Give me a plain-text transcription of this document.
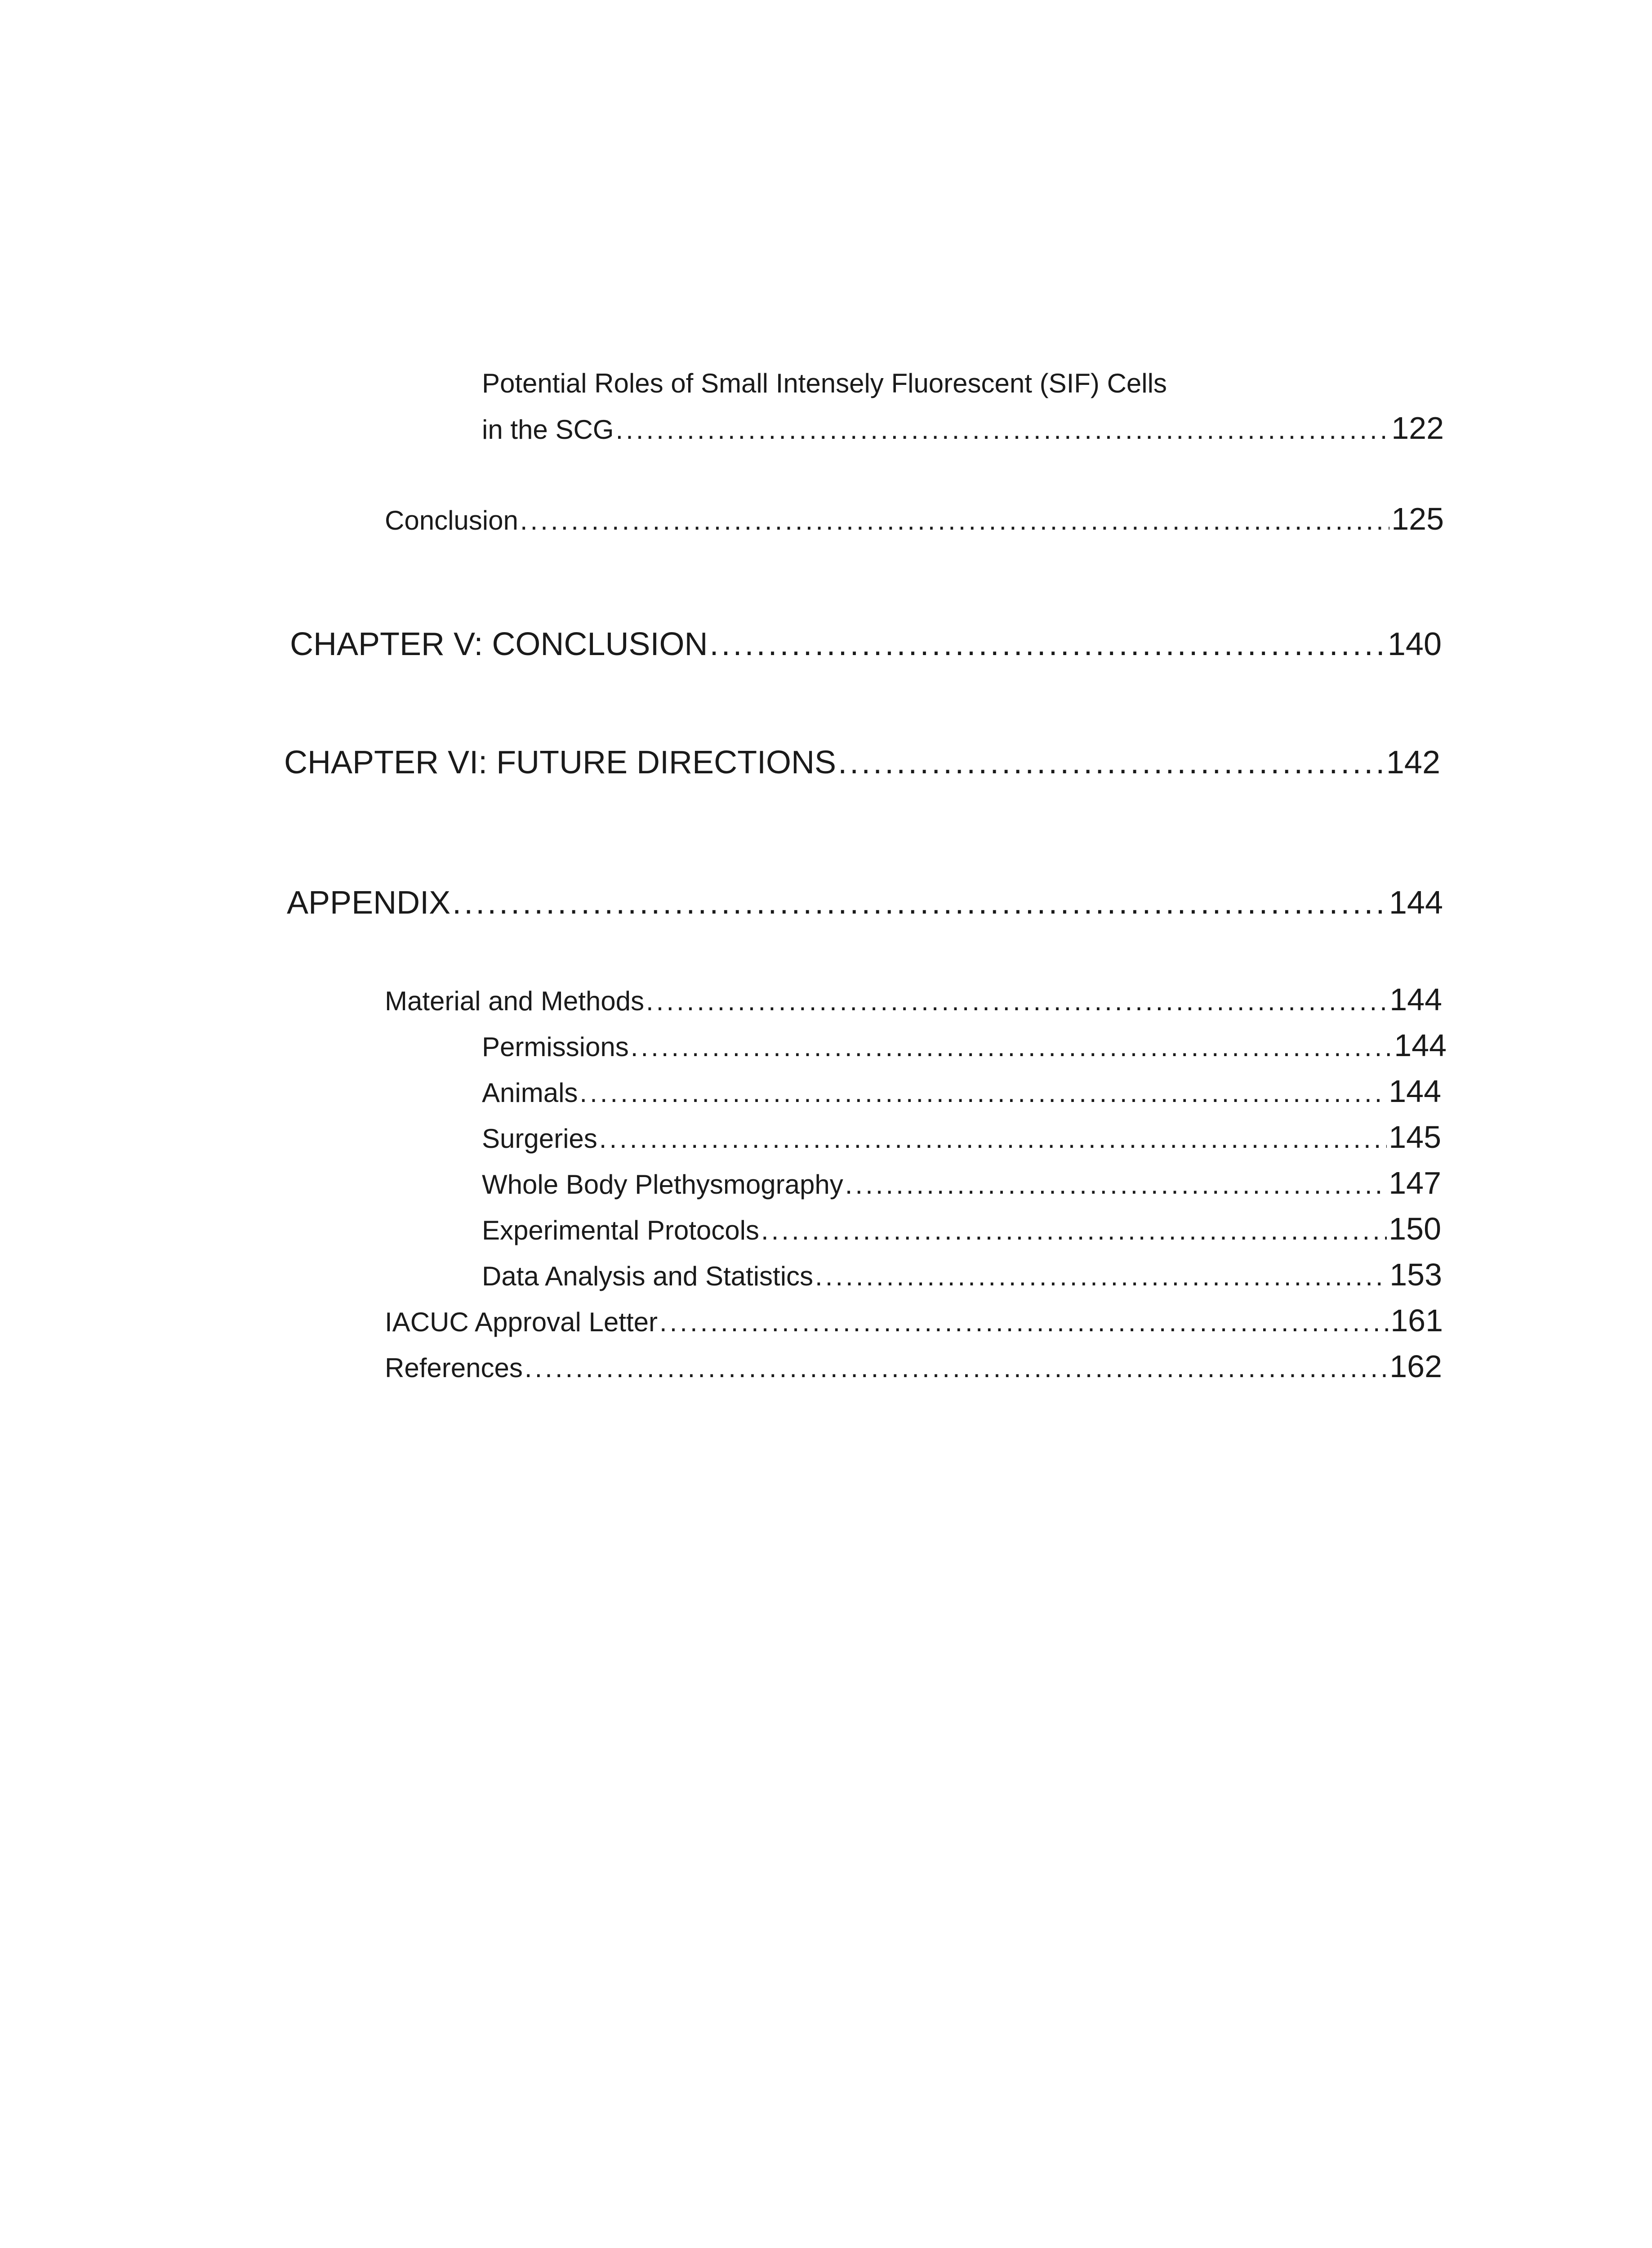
Potential Roles of Small Intensely Fluorescent (SIF) Cells
in the SCG .....	122
Conclusion .....	125
CHAPTER V: CONCLUSION .....	140
CHAPTER VI: FUTURE DIRECTIONS .....	142
APPENDIX .....	144
Material and Methods .....	144
Permissions .....	144
Animals .....	144
Surgeries .....	145
Whole Body Plethysmography .....	147
Experimental Protocols .....	150
Data Analysis and Statistics .....	153
IACUC Approval Letter .....	161
References .....	162
